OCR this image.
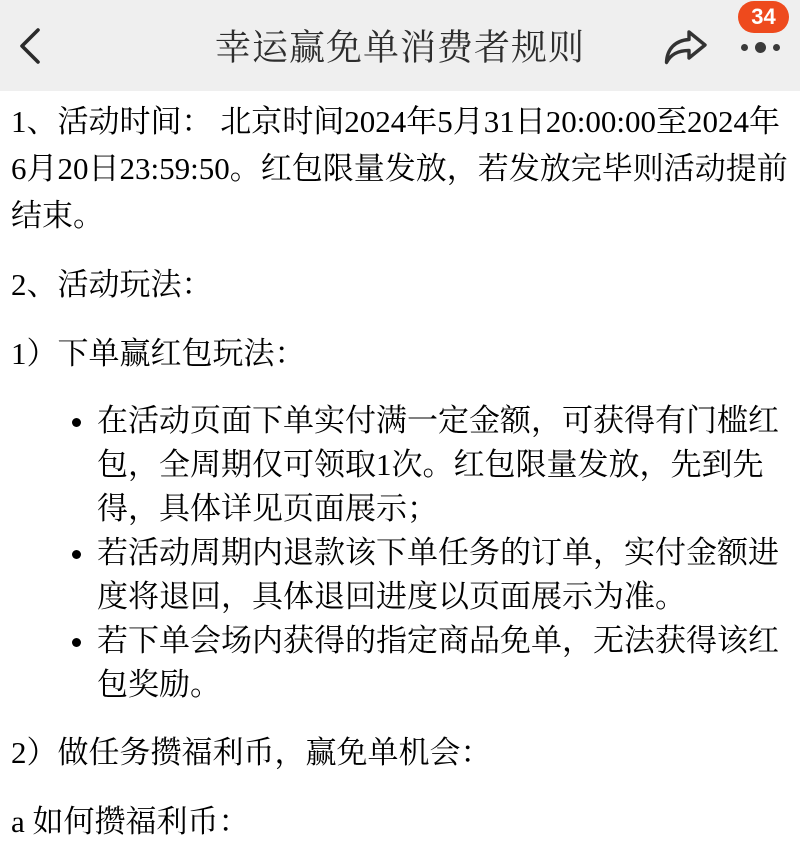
幸运赢免单消费者规则
34

1、活动时间： 北京时间2024年5月31日20:00:00至2024年6月20日23:59:50。红包限量发放，若发放完毕则活动提前结束。

2、活动玩法：

1）下单赢红包玩法：

• 在活动页面下单实付满一定金额，可获得有门槛红包，全周期仅可领取1次。红包限量发放，先到先得，具体详见页面展示；
• 若活动周期内退款该下单任务的订单，实付金额进度将退回，具体退回进度以页面展示为准。
• 若下单会场内获得的指定商品免单，无法获得该红包奖励。

2）做任务攒福利币，赢免单机会：

a 如何攒福利币：
